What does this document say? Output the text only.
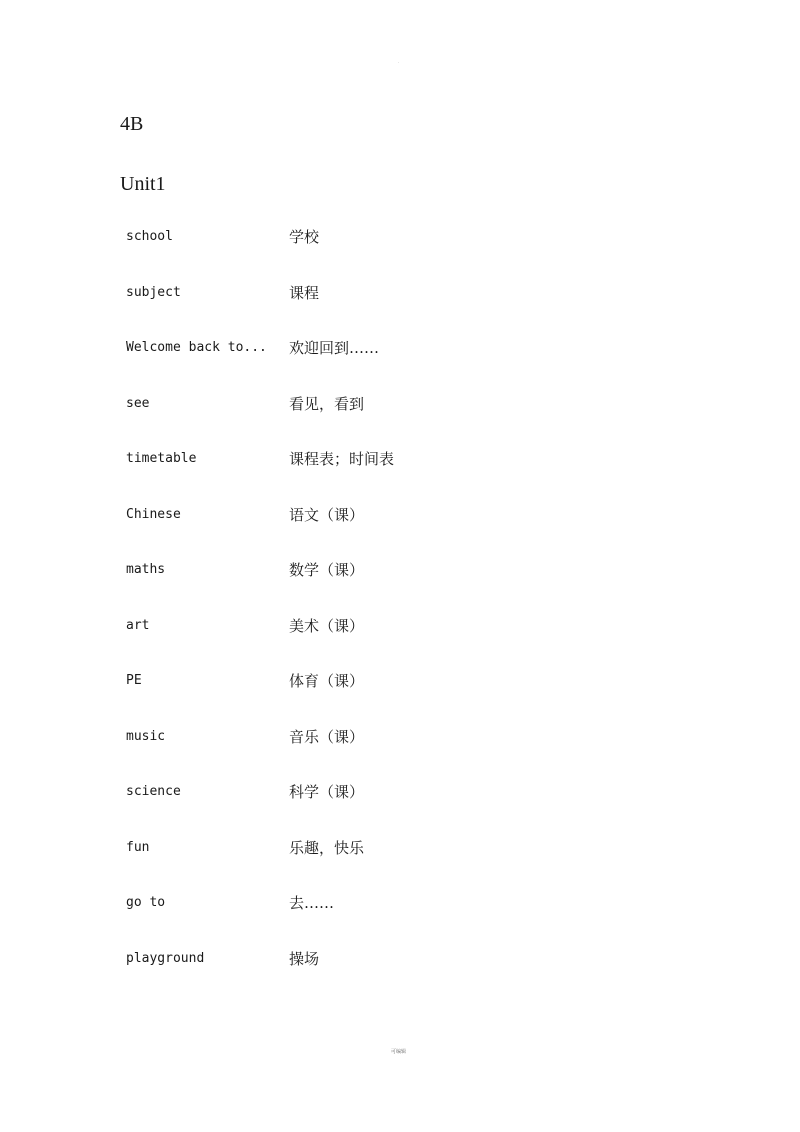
.
4B
Unit1
school	学校
subject	课程
Welcome back to... 欢迎回到……
see	看见，看到
timetable	课程表；时间表
Chinese	语文（课）
maths	数学（课）
art	美术（课）
PE	体育（课）
music	音乐（课）
science	科学（课）
fun	乐趣，快乐
go to	去……
playground	操场
可编辑
